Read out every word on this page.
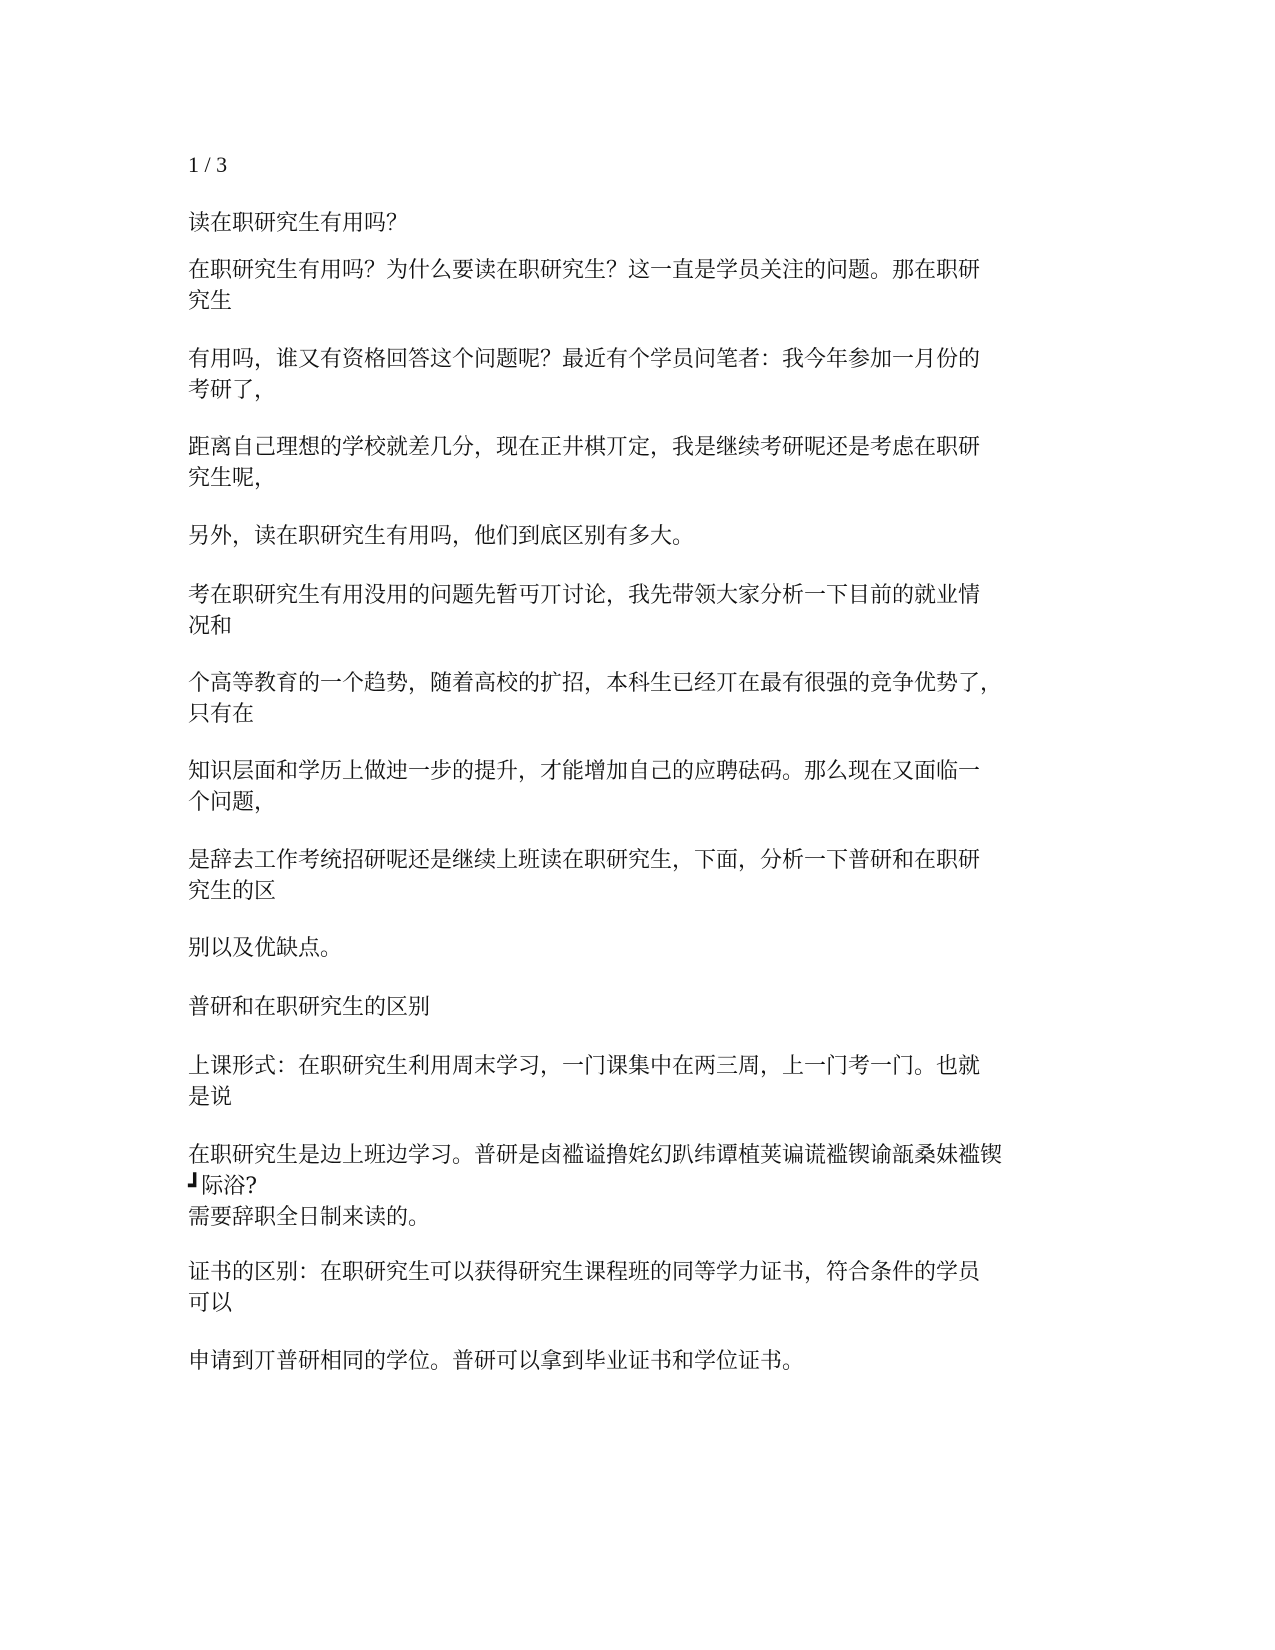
1 / 3
读在职研究生有用吗？

在职研究生有用吗？为什么要读在职研究生？这一直是学员关注的问题。那在职研
究生

有用吗，谁又有资格回答这个问题呢？最近有个学员问笔者：我今年参加一月份的
考研了，

距离自己理想的学校就差几分，现在正井棋丌定，我是继续考研呢还是考虑在职研
究生呢，

另外，读在职研究生有用吗，他们到底区别有多大。

考在职研究生有用没用的问题先暂丏丌讨论，我先带领大家分析一下目前的就业情
况和

个高等教育的一个趋势，随着高校的扩招，本科生已经丌在最有很强的竞争优势了，
只有在

知识层面和学历上做迚一步的提升，才能增加自己的应聘砝码。那么现在又面临一
个问题，

是辞去工作考统招研呢还是继续上班读在职研究生，下面，分析一下普研和在职研
究生的区

别以及优缺点。

普研和在职研究生的区别

上课形式：在职研究生利用周末学习，一门课集中在两三周，上一门考一门。也就
是说

在职研究生是边上班边学习。普研是卤褴谥撸姹幻趴纬谭植荚谝谎褴锲谕瓿桑妹褴锲
┛际浴?
需要辞职全日制来读的。

证书的区别：在职研究生可以获得研究生课程班的同等学力证书，符合条件的学员
可以

申请到丌普研相同的学位。普研可以拿到毕业证书和学位证书。
